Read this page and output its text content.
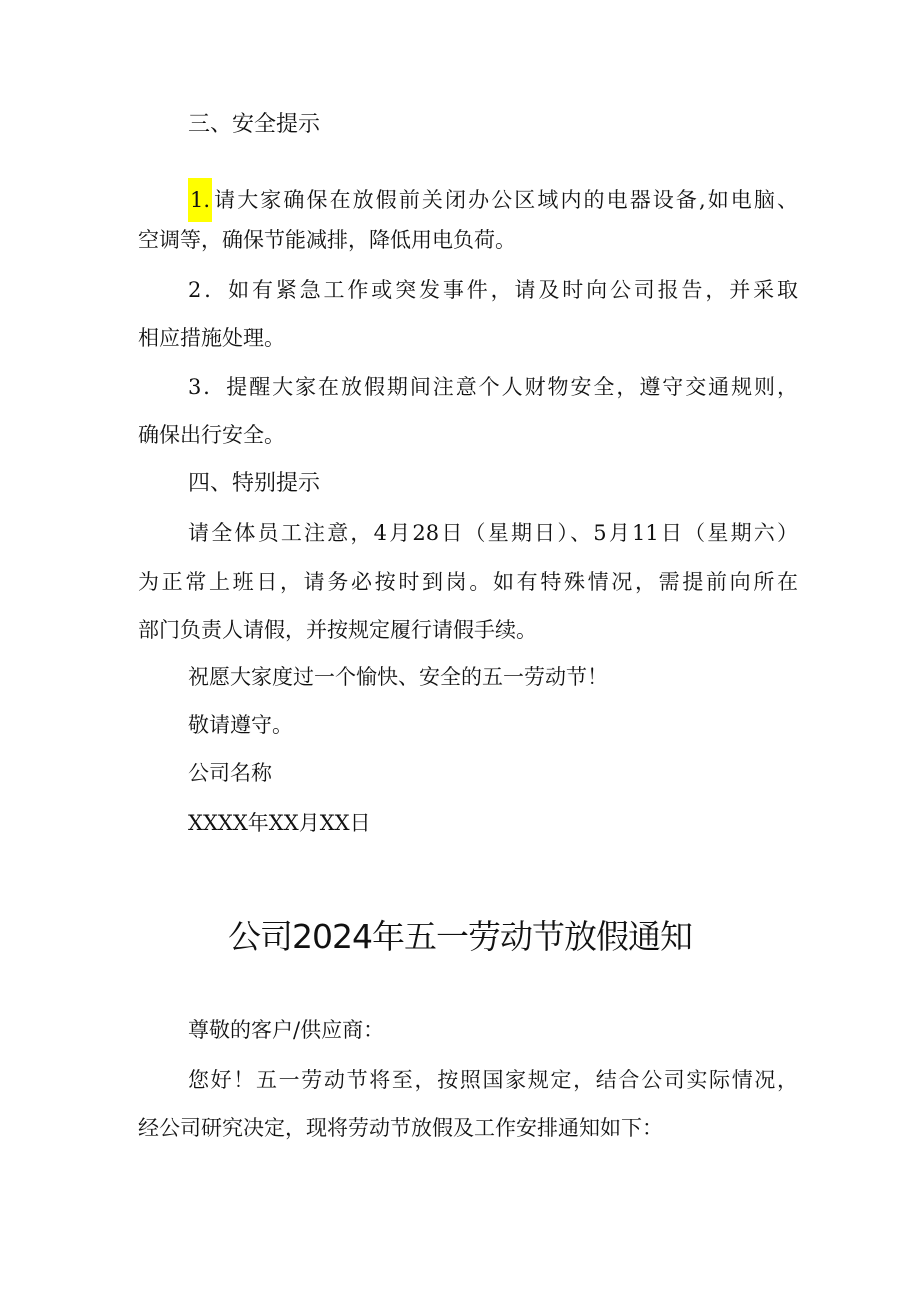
三、安全提示
1.请大家确保在放假前关闭办公区域内的电器设备,如电脑、
空调等，确保节能减排，降低用电负荷。
2．如有紧急工作或突发事件，请及时向公司报告，并采取
相应措施处理。
3．提醒大家在放假期间注意个人财物安全，遵守交通规则，
确保出行安全。
四、特别提示
请全体员工注意，4月28日（星期日）、5月11日（星期六）
为正常上班日，请务必按时到岗。如有特殊情况，需提前向所在
部门负责人请假，并按规定履行请假手续。
祝愿大家度过一个愉快、安全的五一劳动节！
敬请遵守。
公司名称
XXXX年XX月XX日
公司2024年五一劳动节放假通知
尊敬的客户/供应商：
您好！五一劳动节将至，按照国家规定，结合公司实际情况，
经公司研究决定，现将劳动节放假及工作安排通知如下：
